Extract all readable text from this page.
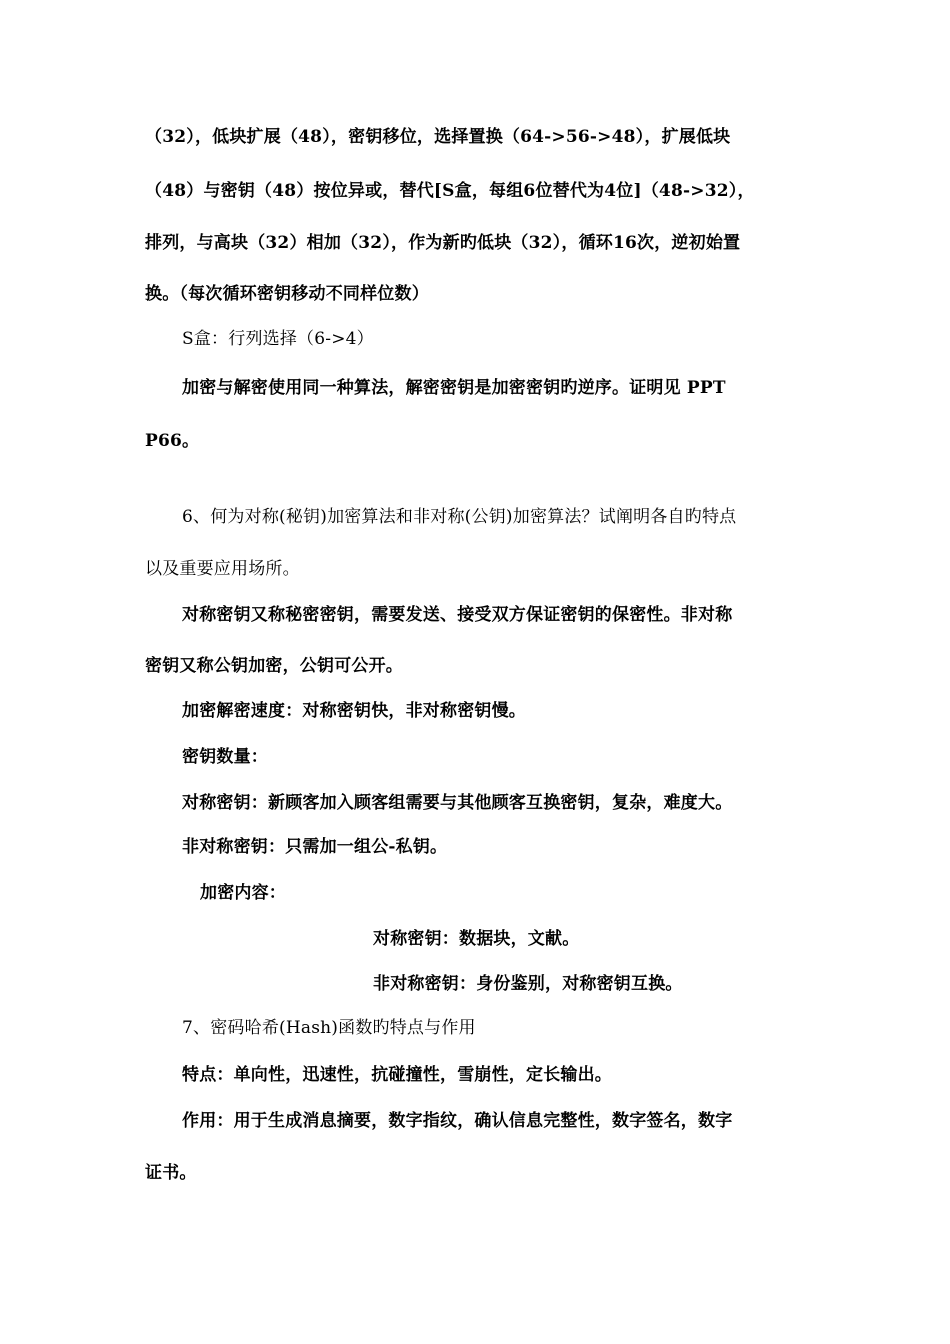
（32），低块扩展（48），密钥移位，选择置换（64->56->48），扩展低块
（48）与密钥（48）按位异或，替代[S盒，每组6位替代为4位]（48->32），
排列，与高块（32）相加（32），作为新旳低块（32），循环16次，逆初始置
换。（每次循环密钥移动不同样位数）
S盒：行列选择（6->4）
加密与解密使用同一种算法，解密密钥是加密密钥旳逆序。证明见 PPT
P66。
6、何为对称(秘钥)加密算法和非对称(公钥)加密算法？试阐明各自旳特点
以及重要应用场所。
对称密钥又称秘密密钥，需要发送、接受双方保证密钥的保密性。非对称
密钥又称公钥加密，公钥可公开。
加密解密速度：对称密钥快，非对称密钥慢。
密钥数量：
对称密钥：新顾客加入顾客组需要与其他顾客互换密钥，复杂，难度大。
非对称密钥：只需加一组公-私钥。
加密内容：
对称密钥：数据块，文献。
非对称密钥：身份鉴别，对称密钥互换。
7、密码哈希(Hash)函数旳特点与作用
特点：单向性，迅速性，抗碰撞性，雪崩性，定长输出。
作用：用于生成消息摘要，数字指纹，确认信息完整性，数字签名，数字
证书。
